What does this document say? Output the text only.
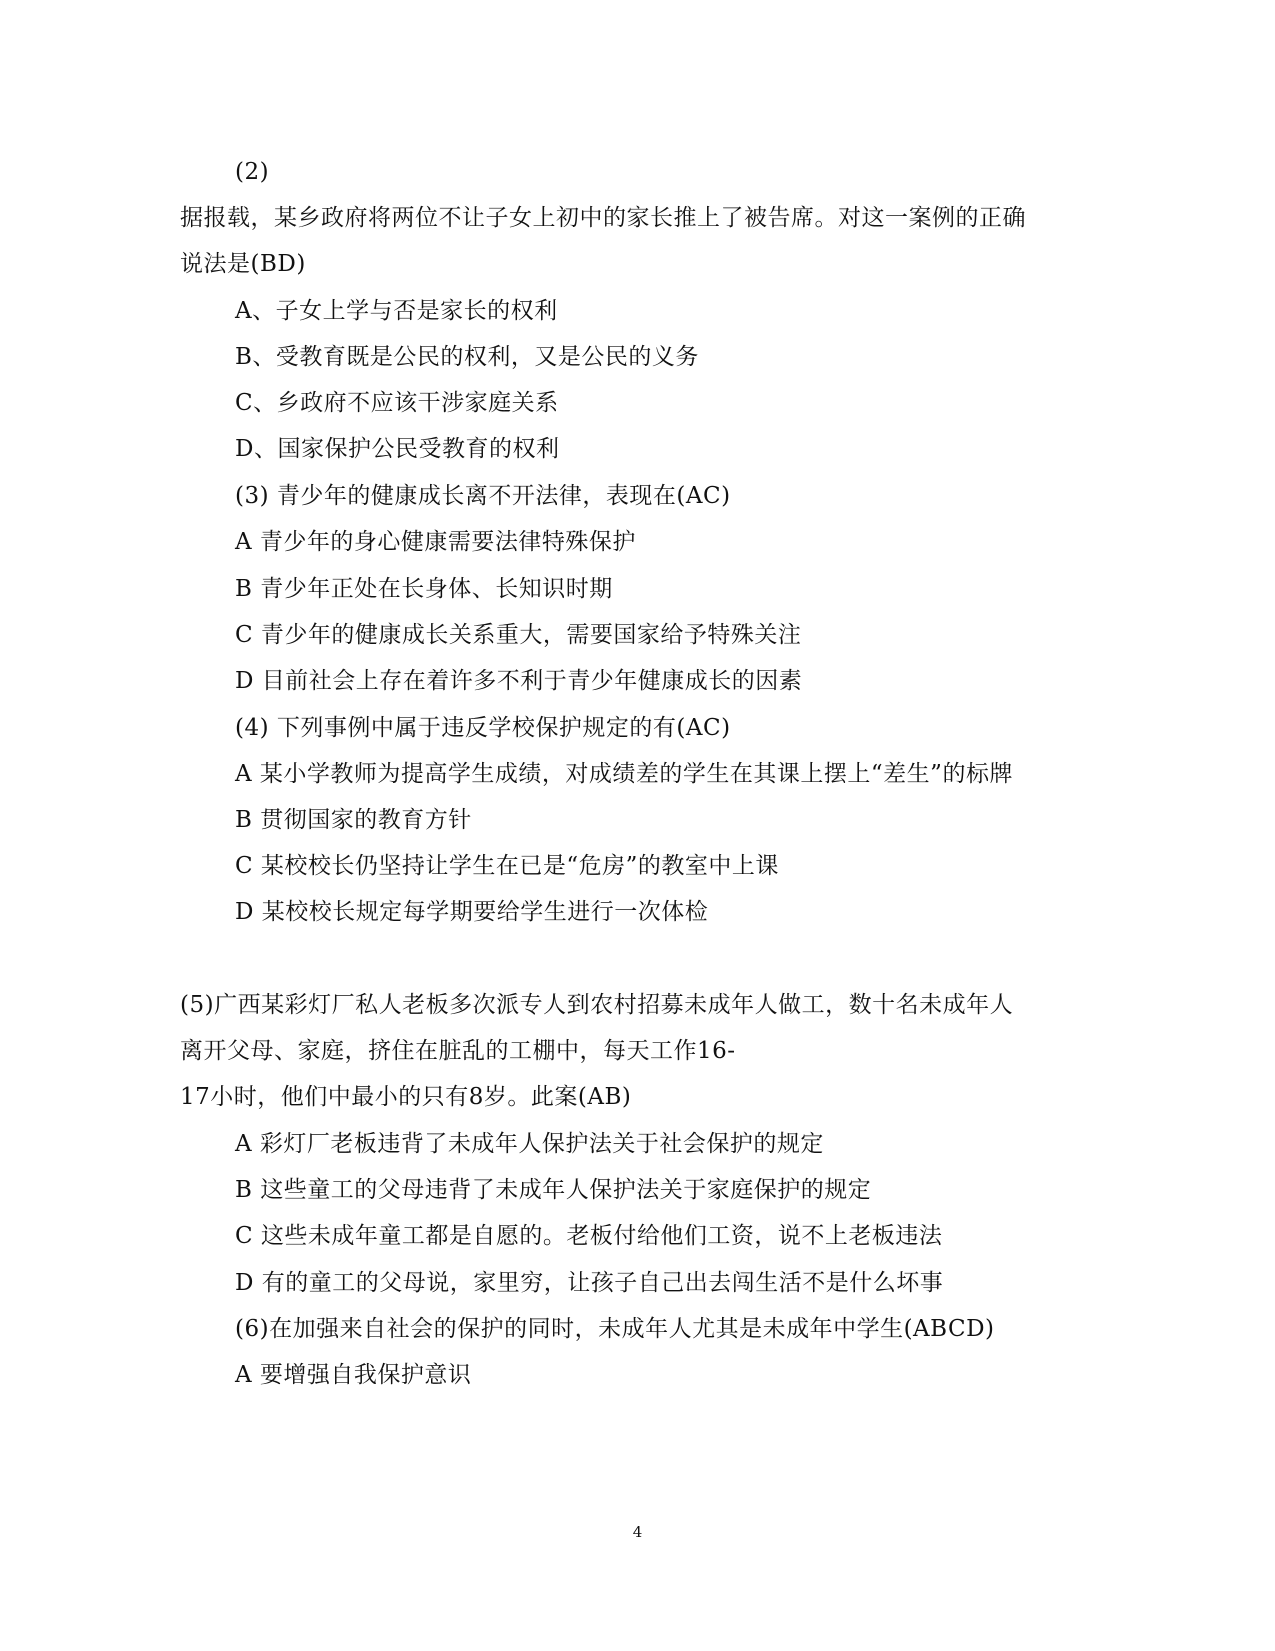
(2)
据报载，某乡政府将两位不让子女上初中的家长推上了被告席。对这一案例的正确
说法是(BD)
A、子女上学与否是家长的权利
B、受教育既是公民的权利，又是公民的义务
C、乡政府不应该干涉家庭关系
D、国家保护公民受教育的权利
(3) 青少年的健康成长离不开法律，表现在(AC)
A 青少年的身心健康需要法律特殊保护
B 青少年正处在长身体、长知识时期
C 青少年的健康成长关系重大，需要国家给予特殊关注
D 目前社会上存在着许多不利于青少年健康成长的因素
(4) 下列事例中属于违反学校保护规定的有(AC)
A 某小学教师为提高学生成绩，对成绩差的学生在其课上摆上“差生”的标牌
B 贯彻国家的教育方针
C 某校校长仍坚持让学生在已是“危房”的教室中上课
D 某校校长规定每学期要给学生进行一次体检
(5)广西某彩灯厂私人老板多次派专人到农村招募未成年人做工，数十名未成年人
离开父母、家庭，挤住在脏乱的工棚中，每天工作16-
17小时，他们中最小的只有8岁。此案(AB)
A 彩灯厂老板违背了未成年人保护法关于社会保护的规定
B 这些童工的父母违背了未成年人保护法关于家庭保护的规定
C 这些未成年童工都是自愿的。老板付给他们工资，说不上老板违法
D 有的童工的父母说，家里穷，让孩子自己出去闯生活不是什么坏事
(6)在加强来自社会的保护的同时，未成年人尤其是未成年中学生(ABCD)
A 要增强自我保护意识
4
